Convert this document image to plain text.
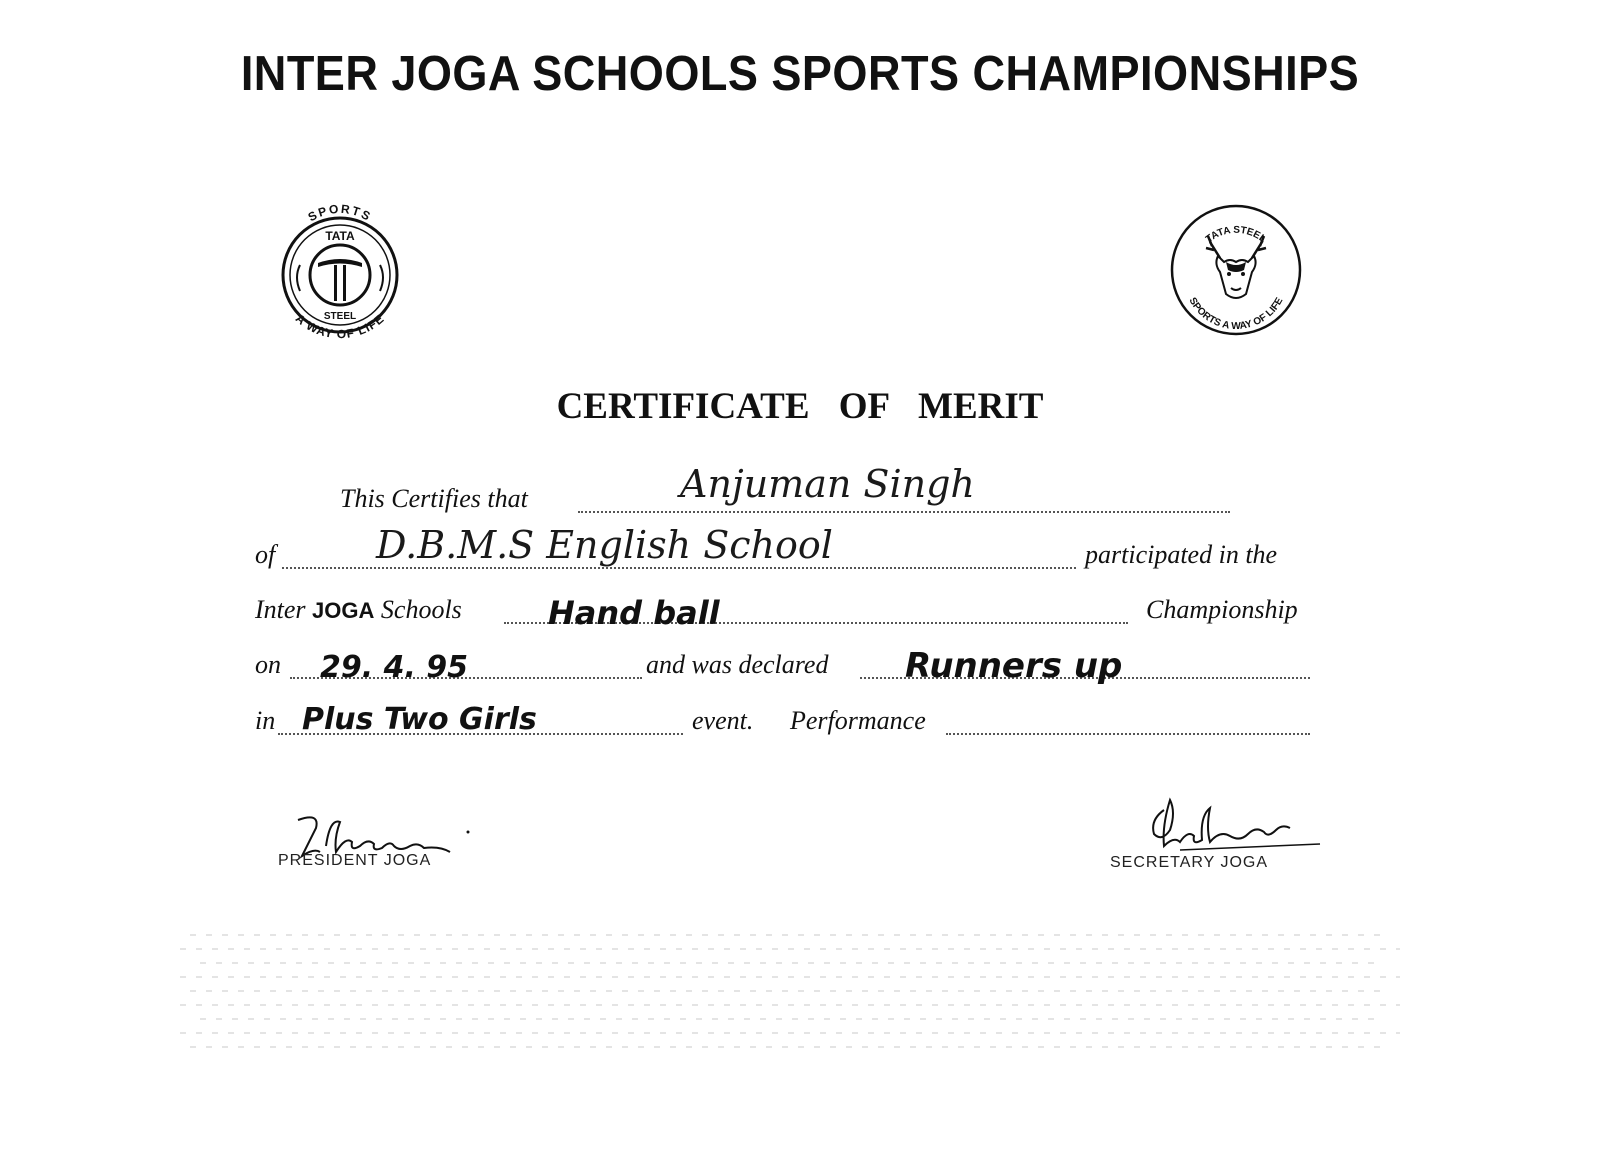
INTER JOGA SCHOOLS SPORTS CHAMPIONSHIPS
SPORTS
TATA
STEEL
A WAY OF LIFE
TATA STEEL
SPORTS A WAY OF LIFE
CERTIFICATE OF MERIT
This Certifies that	Anjuman Singh
of	D.B.M.S English School	participated in the
Inter JOGA Schools	Hand ball	Championship
on 29. 4. 95	and was declared Runners up
in Plus Two Girls	event. Performance
PRESIDENT JOGA	SECRETARY JOGA
